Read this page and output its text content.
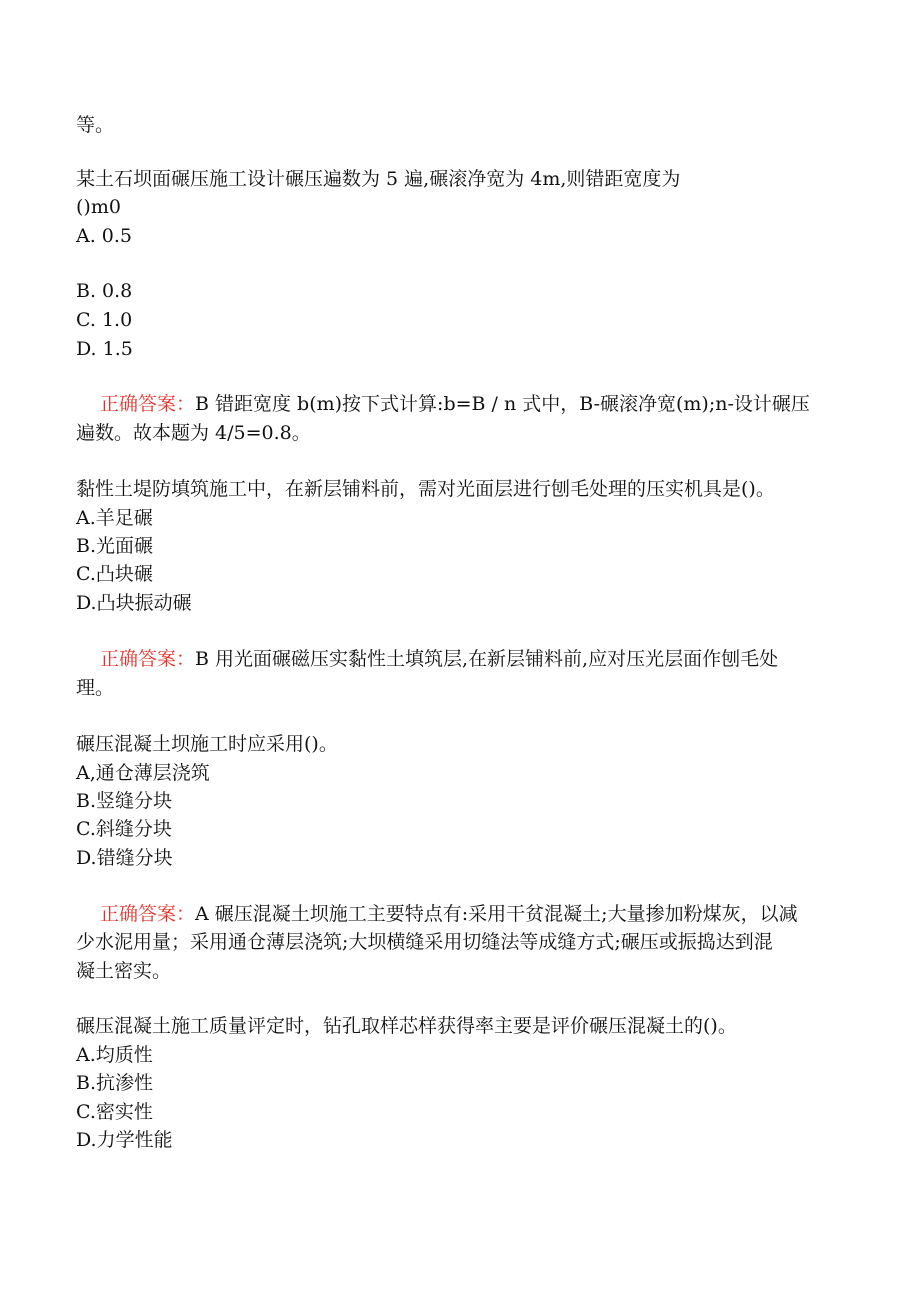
等。
某土石坝面碾压施工设计碾压遍数为 5 遍,碾滚净宽为 4m,则错距宽度为
()m0
A. 0.5
B. 0.8
C. 1.0
D. 1.5
正确答案：B 错距宽度 b(m)按下式计算:b=B / n 式中，B-碾滚净宽(m);n-设计碾压
遍数。故本题为 4/5=0.8。
黏性土堤防填筑施工中，在新层铺料前，需对光面层进行刨毛处理的压实机具是()。
A.羊足碾
B.光面碾
C.凸块碾
D.凸块振动碾
正确答案：B 用光面碾磁压实黏性土填筑层,在新层铺料前,应对压光层面作刨毛处
理。
碾压混凝土坝施工时应采用()。
A,通仓薄层浇筑
B.竖缝分块
C.斜缝分块
D.错缝分块
正确答案：A 碾压混凝土坝施工主要特点有:采用干贫混凝土;大量掺加粉煤灰，以减
少水泥用量；采用通仓薄层浇筑;大坝横缝采用切缝法等成缝方式;碾压或振捣达到混
凝土密实。
碾压混凝土施工质量评定时，钻孔取样芯样获得率主要是评价碾压混凝土的()。
A.均质性
B.抗渗性
C.密实性
D.力学性能
